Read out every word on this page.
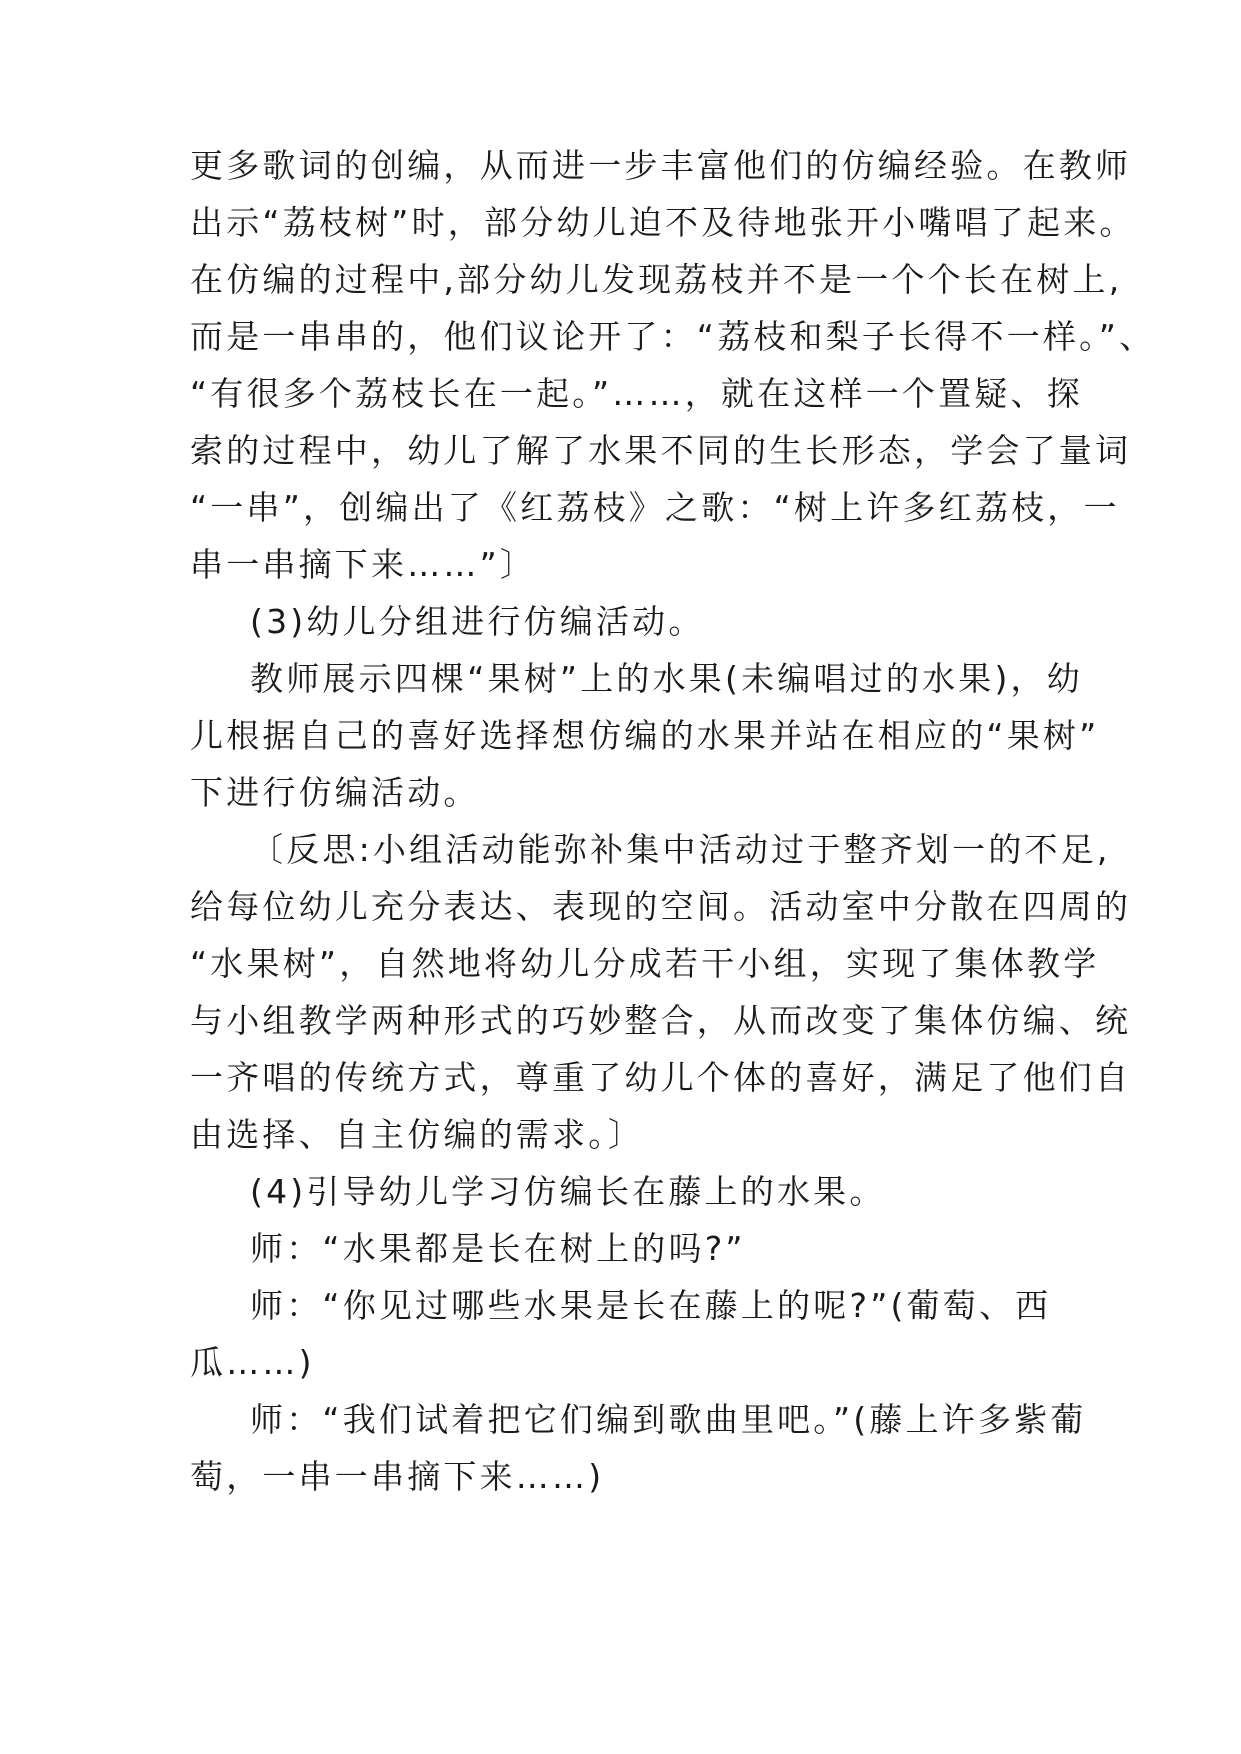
更多歌词的创编，从而进一步丰富他们的仿编经验。在教师
出示“荔枝树”时，部分幼儿迫不及待地张开小嘴唱了起来。
在仿编的过程中,部分幼儿发现荔枝并不是一个个长在树上,
而是一串串的，他们议论开了：“荔枝和梨子长得不一样。”、
“有很多个荔枝长在一起。”……，就在这样一个置疑、探
索的过程中，幼儿了解了水果不同的生长形态，学会了量词
“一串”，创编出了《红荔枝》之歌：“树上许多红荔枝，一
串一串摘下来……”〕
(3)幼儿分组进行仿编活动。
教师展示四棵“果树”上的水果(未编唱过的水果)，幼
儿根据自己的喜好选择想仿编的水果并站在相应的“果树”
下进行仿编活动。
〔反思:小组活动能弥补集中活动过于整齐划一的不足,
给每位幼儿充分表达、表现的空间。活动室中分散在四周的
“水果树”，自然地将幼儿分成若干小组，实现了集体教学
与小组教学两种形式的巧妙整合，从而改变了集体仿编、统
一齐唱的传统方式，尊重了幼儿个体的喜好，满足了他们自
由选择、自主仿编的需求。〕
(4)引导幼儿学习仿编长在藤上的水果。
师：“水果都是长在树上的吗?”
师：“你见过哪些水果是长在藤上的呢?”(葡萄、西
瓜……)
师：“我们试着把它们编到歌曲里吧。”(藤上许多紫葡
萄，一串一串摘下来……)
